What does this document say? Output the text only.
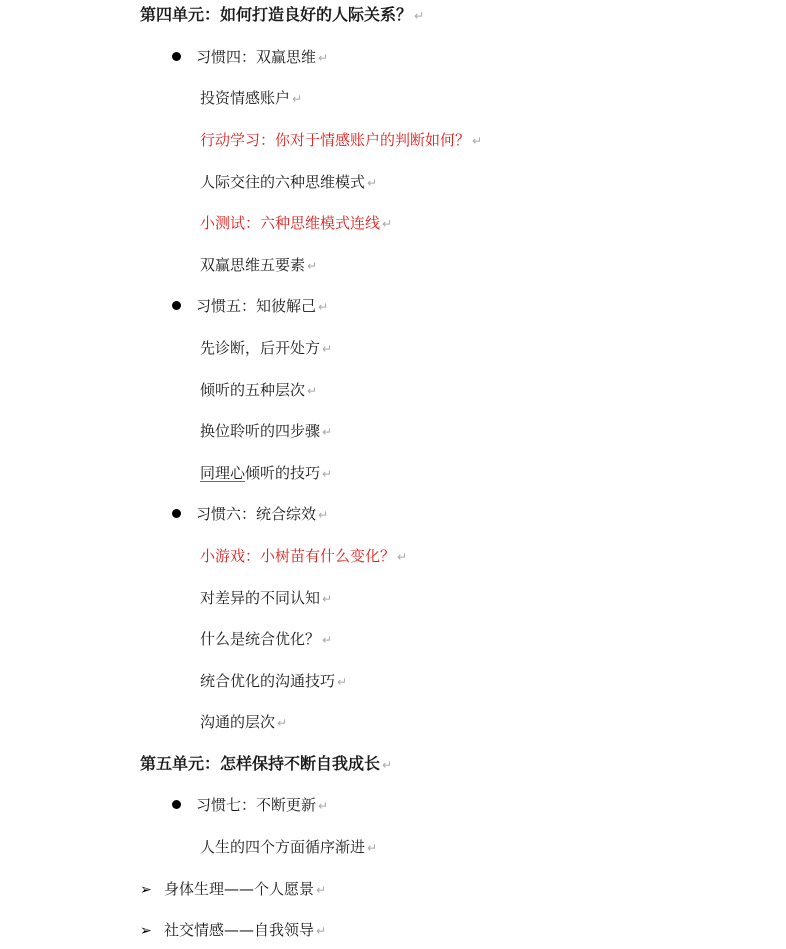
第四单元：如何打造良好的人际关系？ ↵
习惯四：双赢思维 ↵
投资情感账户 ↵
行动学习：你对于情感账户的判断如何？ ↵
人际交往的六种思维模式 ↵
小测试：六种思维模式连线 ↵
双赢思维五要素 ↵
习惯五：知彼解己 ↵
先诊断，后开处方 ↵
倾听的五种层次 ↵
换位聆听的四步骤 ↵
同理心倾听的技巧 ↵
习惯六：统合综效 ↵
小游戏：小树苗有什么变化？ ↵
对差异的不同认知 ↵
什么是统合优化？ ↵
统合优化的沟通技巧 ↵
沟通的层次 ↵
第五单元：怎样保持不断自我成长 ↵
习惯七：不断更新 ↵
人生的四个方面循序渐进 ↵
➢ 身体生理——个人愿景 ↵
➢ 社交情感——自我领导 ↵
